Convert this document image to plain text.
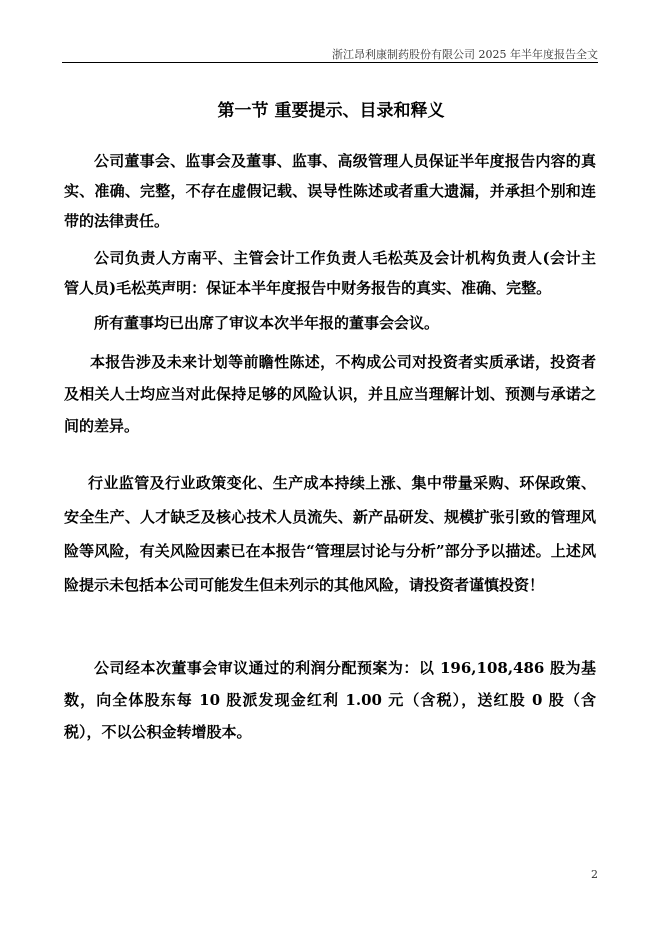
浙江昂利康制药股份有限公司 2025 年半年度报告全文
第一节 重要提示、目录和释义

公司董事会、监事会及董事、监事、高级管理人员保证半年度报告内容的真实、准确、完整，不存在虚假记载、误导性陈述或者重大遗漏，并承担个别和连带的法律责任。

公司负责人方南平、主管会计工作负责人毛松英及会计机构负责人(会计主管人员)毛松英声明：保证本半年度报告中财务报告的真实、准确、完整。

所有董事均已出席了审议本次半年报的董事会会议。

本报告涉及未来计划等前瞻性陈述，不构成公司对投资者实质承诺，投资者及相关人士均应当对此保持足够的风险认识，并且应当理解计划、预测与承诺之间的差异。

行业监管及行业政策变化、生产成本持续上涨、集中带量采购、环保政策、安全生产、人才缺乏及核心技术人员流失、新产品研发、规模扩张引致的管理风险等风险，有关风险因素已在本报告“管理层讨论与分析”部分予以描述。上述风险提示未包括本公司可能发生但未列示的其他风险，请投资者谨慎投资！

公司经本次董事会审议通过的利润分配预案为：以 196,108,486 股为基数，向全体股东每 10 股派发现金红利 1.00 元（含税），送红股 0 股（含税），不以公积金转增股本。

2
